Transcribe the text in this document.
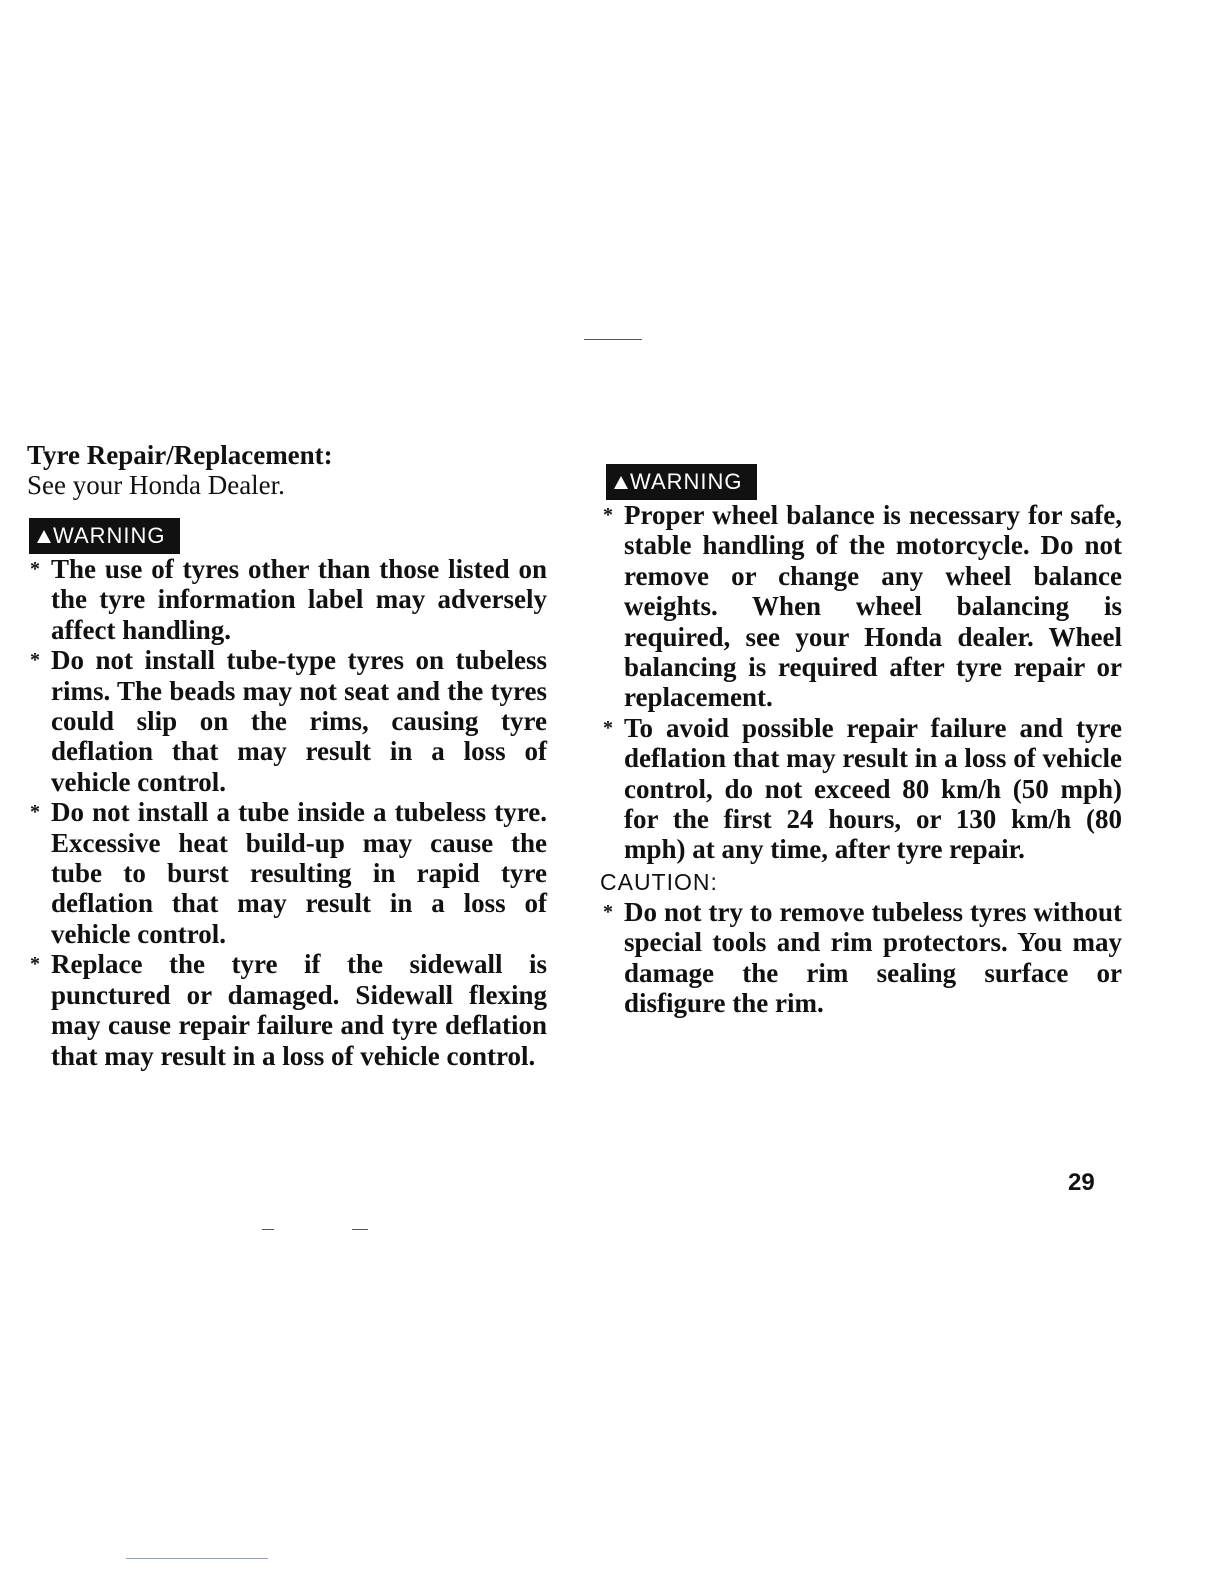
Tyre Repair/Replacement:

See your Honda Dealer.

WARNING
* The use of tyres other than those listed on the tyre information label may adversely affect handling.
* Do not install tube-type tyres on tubeless rims. The beads may not seat and the tyres could slip on the rims, causing tyre deflation that may result in a loss of vehicle control.
* Do not install a tube inside a tubeless tyre. Excessive heat build-up may cause the tube to burst resulting in rapid tyre deflation that may result in a loss of vehicle control.
* Replace the tyre if the sidewall is punctured or damaged. Sidewall flexing may cause repair failure and tyre deflation that may result in a loss of vehicle control.
WARNING
* Proper wheel balance is necessary for safe, stable handling of the motorcycle. Do not remove or change any wheel balance weights. When wheel balancing is required, see your Honda dealer. Wheel balancing is required after tyre repair or replacement.
* To avoid possible repair failure and tyre deflation that may result in a loss of vehicle control, do not exceed 80 km/h (50 mph) for the first 24 hours, or 130 km/h (80 mph) at any time, after tyre repair.

CAUTION:

* Do not try to remove tubeless tyres without special tools and rim protectors. You may damage the rim sealing surface or disfigure the rim.
29
